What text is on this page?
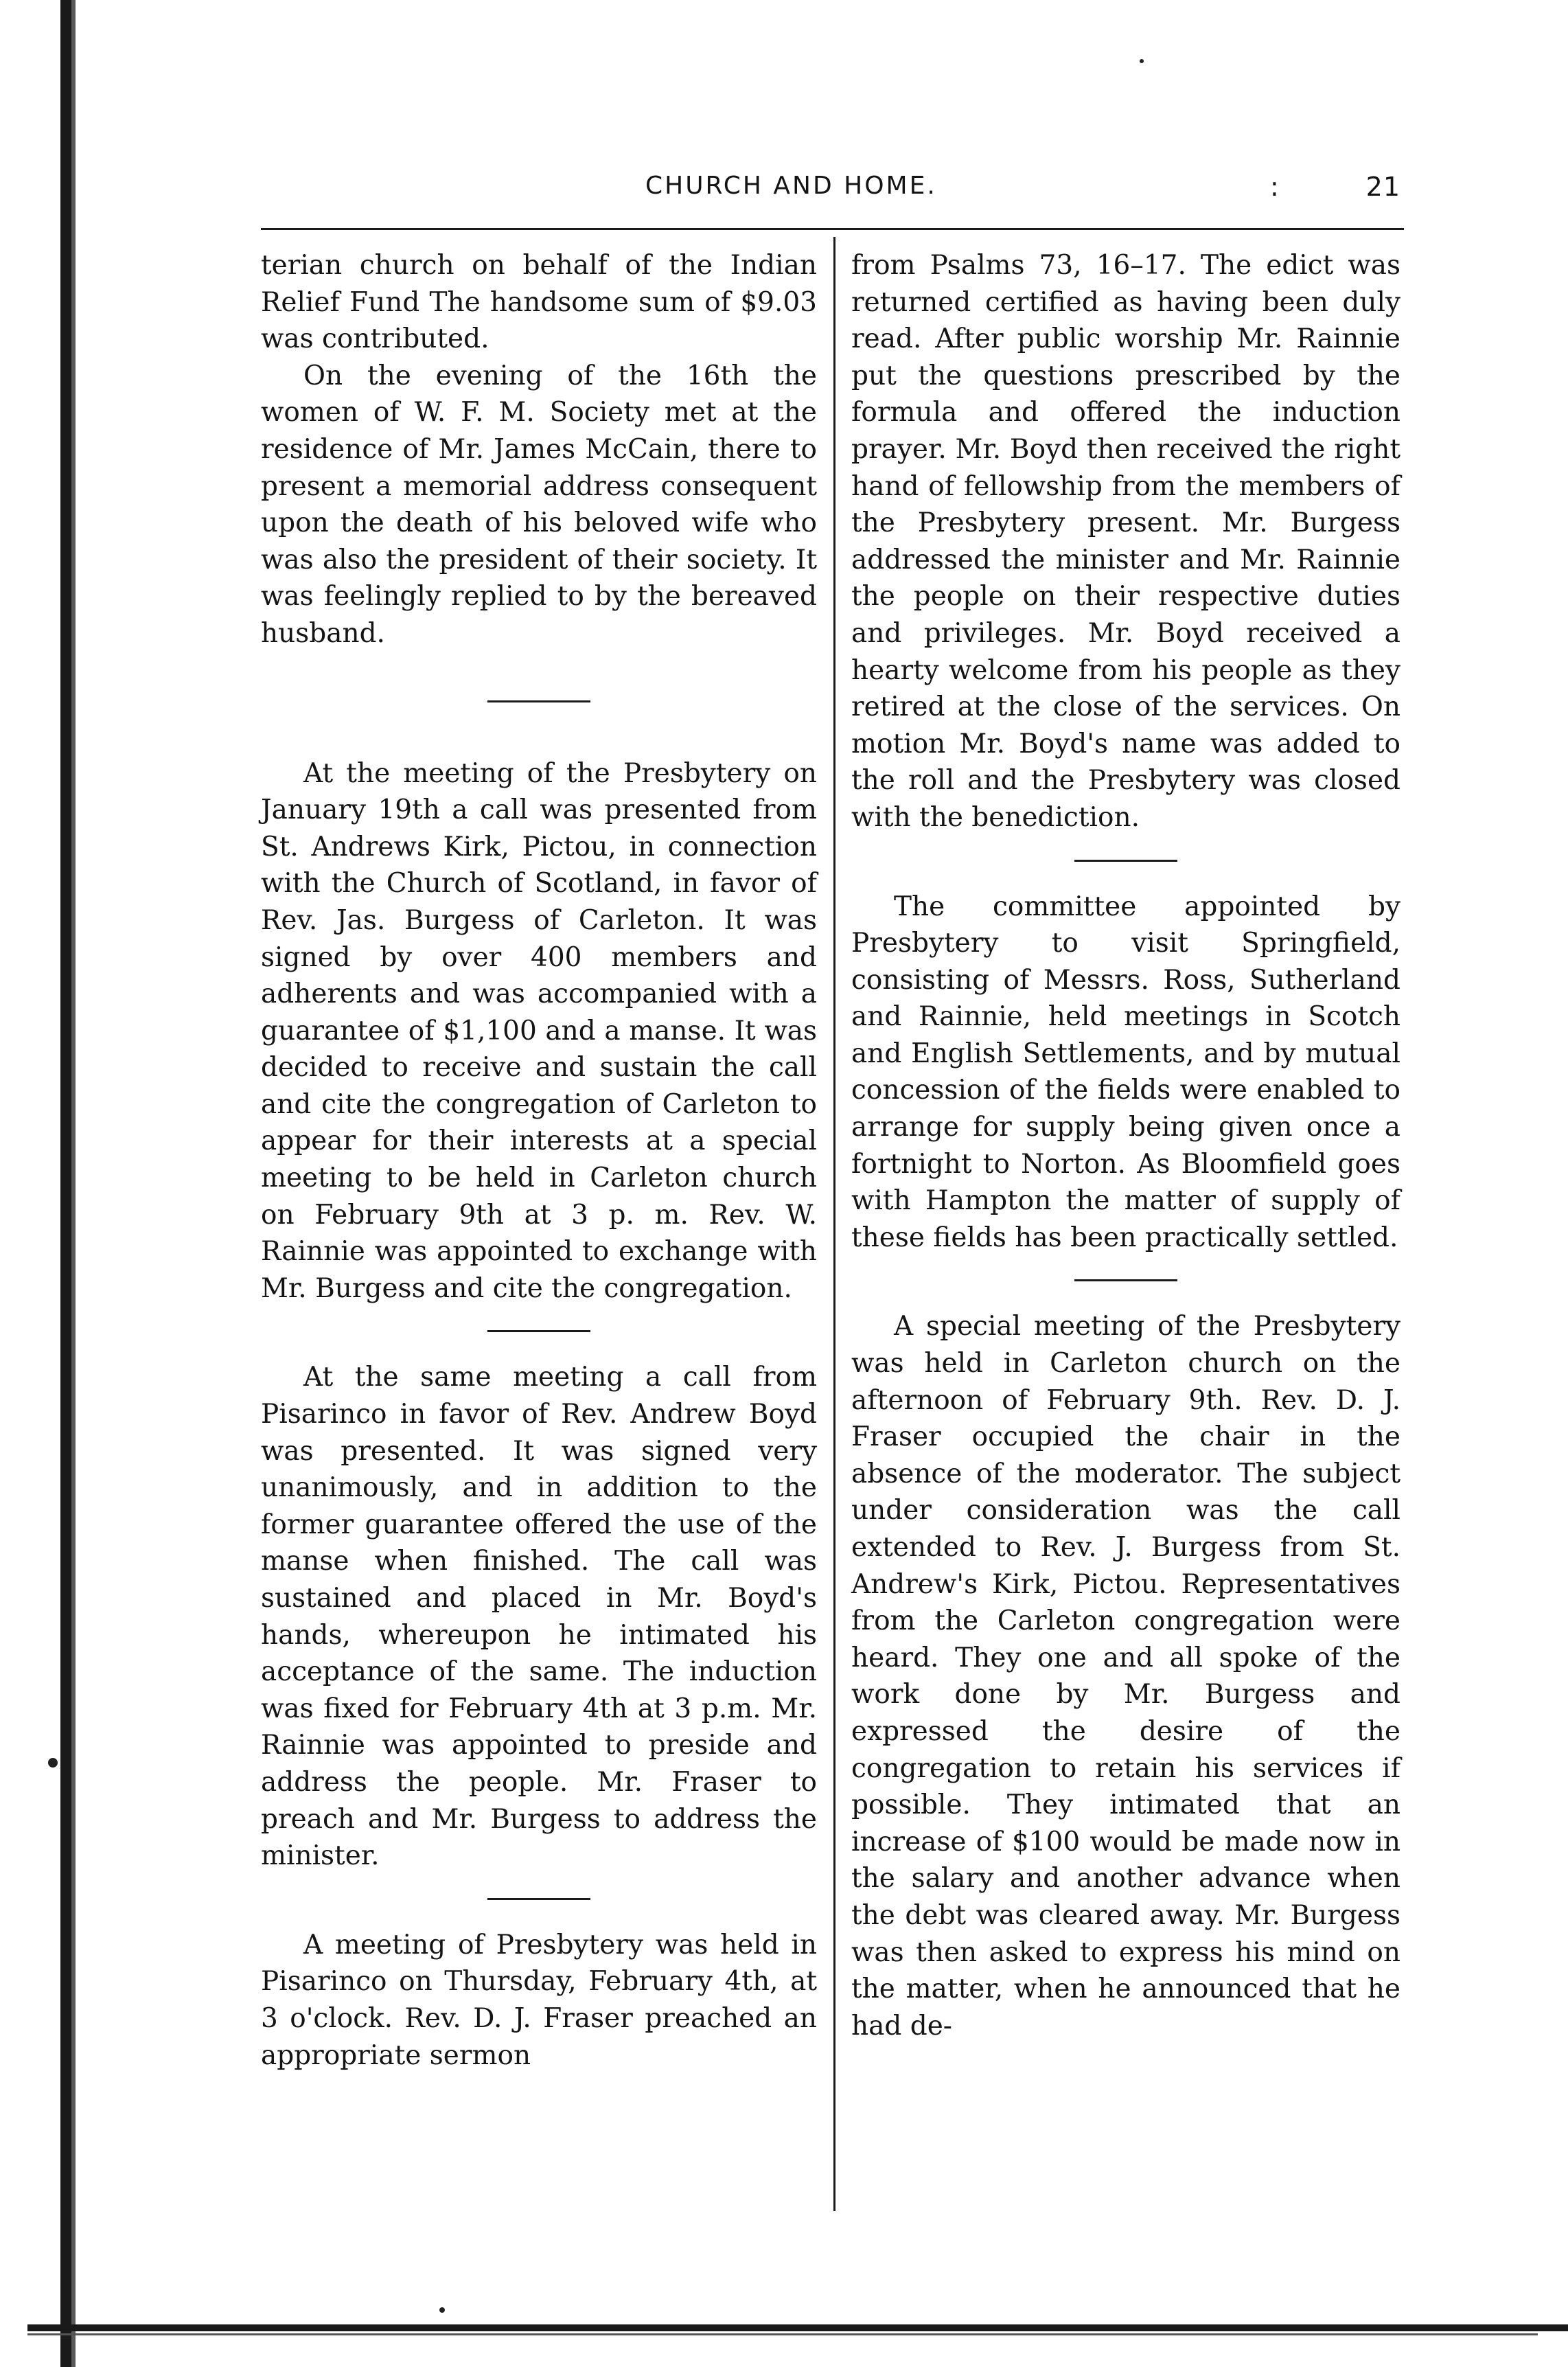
CHURCH AND HOME.	21
:

terian church on behalf of the Indian Relief Fund The handsome sum of $9.03 was contributed.

On the evening of the 16th the women of W. F. M. Society met at the residence of Mr. James McCain, there to present a memorial address consequent upon the death of his beloved wife who was also the president of their society. It was feelingly replied to by the bereaved husband.

At the meeting of the Presbytery on January 19th a call was presented from St. Andrews Kirk, Pictou, in connection with the Church of Scotland, in favor of Rev. Jas. Burgess of Carleton. It was signed by over 400 members and adherents and was accompanied with a guarantee of $1,100 and a manse. It was decided to receive and sustain the call and cite the congregation of Carleton to appear for their interests at a special meeting to be held in Carleton church on February 9th at 3 p. m. Rev. W. Rainnie was appointed to exchange with Mr. Burgess and cite the congregation.

At the same meeting a call from Pisarinco in favor of Rev. Andrew Boyd was presented. It was signed very unanimously, and in addition to the former guarantee offered the use of the manse when finished. The call was sustained and placed in Mr. Boyd's hands, whereupon he intimated his acceptance of the same. The induction was fixed for February 4th at 3 p.m. Mr. Rainnie was appointed to preside and address the people. Mr. Fraser to preach and Mr. Burgess to address the minister.

A meeting of Presbytery was held in Pisarinco on Thursday, February 4th, at 3 o'clock. Rev. D. J. Fraser preached an appropriate sermon

from Psalms 73, 16–17. The edict was returned certified as having been duly read. After public worship Mr. Rainnie put the questions prescribed by the formula and offered the induction prayer. Mr. Boyd then received the right hand of fellowship from the members of the Presbytery present. Mr. Burgess addressed the minister and Mr. Rainnie the people on their respective duties and privileges. Mr. Boyd received a hearty welcome from his people as they retired at the close of the services. On motion Mr. Boyd's name was added to the roll and the Presbytery was closed with the benediction.

The committee appointed by Presbytery to visit Springfield, consisting of Messrs. Ross, Sutherland and Rainnie, held meetings in Scotch and English Settlements, and by mutual concession of the fields were enabled to arrange for supply being given once a fortnight to Norton. As Bloomfield goes with Hampton the matter of supply of these fields has been practically settled.

A special meeting of the Presbytery was held in Carleton church on the afternoon of February 9th. Rev. D. J. Fraser occupied the chair in the absence of the moderator. The subject under consideration was the call extended to Rev. J. Burgess from St. Andrew's Kirk, Pictou. Representatives from the Carleton congregation were heard. They one and all spoke of the work done by Mr. Burgess and expressed the desire of the congregation to retain his services if possible. They intimated that an increase of $100 would be made now in the salary and another advance when the debt was cleared away. Mr. Burgess was then asked to express his mind on the matter, when he announced that he had de-
